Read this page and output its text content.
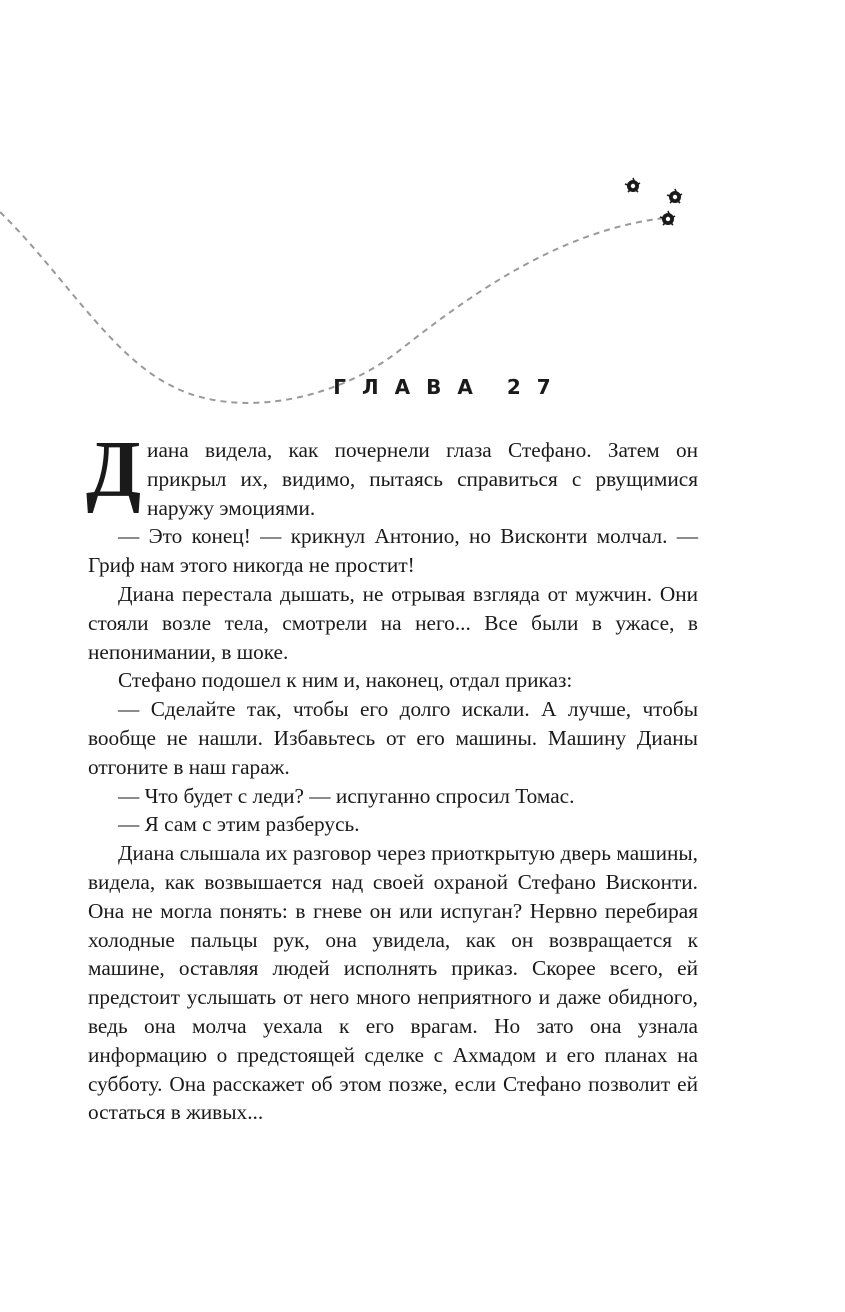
ГЛАВА 27

Диана видела, как почернели глаза Стефано. Затем он прикрыл их, видимо, пытаясь справиться с рвущимися наружу эмоциями.

— Это конец! — крикнул Антонио, но Висконти молчал. — Гриф нам этого никогда не простит!

Диана перестала дышать, не отрывая взгляда от мужчин. Они стояли возле тела, смотрели на него... Все были в ужасе, в непонимании, в шоке.

Стефано подошел к ним и, наконец, отдал приказ:

— Сделайте так, чтобы его долго искали. А лучше, чтобы вообще не нашли. Избавьтесь от его машины. Машину Дианы отгоните в наш гараж.

— Что будет с леди? — испуганно спросил Томас.

— Я сам с этим разберусь.

Диана слышала их разговор через приоткрытую дверь машины, видела, как возвышается над своей охраной Стефано Висконти. Она не могла понять: в гневе он или испуган? Нервно перебирая холодные пальцы рук, она увидела, как он возвращается к машине, оставляя людей исполнять приказ. Скорее всего, ей предстоит услышать от него много неприятного и даже обидного, ведь она молча уехала к его врагам. Но зато она узнала информацию о предстоящей сделке с Ахмадом и его планах на субботу. Она расскажет об этом позже, если Стефано позволит ей остаться в живых...
